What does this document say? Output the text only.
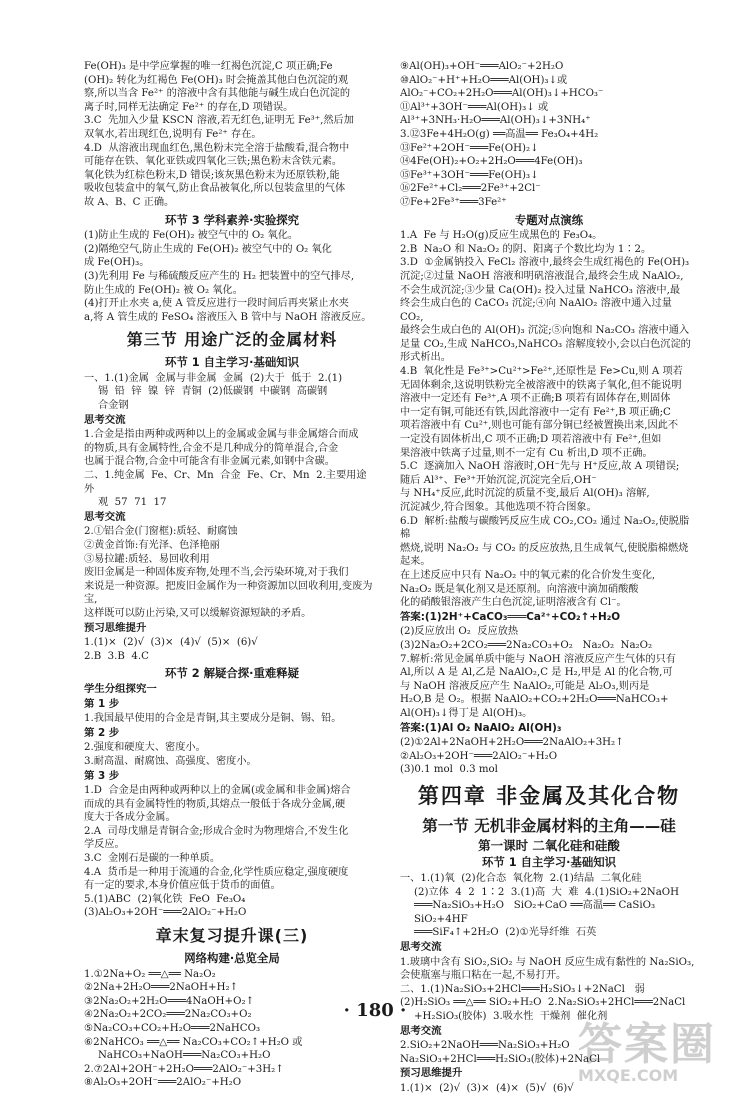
Fe(OH)₃ 是中学应掌握的唯一红褐色沉淀,C 项正确;Fe
(OH)₂ 转化为红褐色 Fe(OH)₃ 时会掩盖其他白色沉淀的观
察,所以当含 Fe²⁺ 的溶液中含有其他能与碱生成白色沉淀的
离子时,同样无法确定 Fe²⁺ 的存在,D 项错误。
3.C  先加入少量 KSCN 溶液,若无红色,证明无 Fe³⁺,然后加
双氧水,若出现红色,说明有 Fe²⁺ 存在。
4.D  从溶液出现血红色,黑色粉末完全溶于盐酸看,混合物中
可能存在铁、氧化亚铁或四氧化三铁;黑色粉末含铁元素。
氧化铁为红棕色粉末,D 错误;该灰黑色粉末为还原铁粉,能
吸收包装盒中的氧气,防止食品被氧化,所以包装盒里的气体
故 A、B、C 正确。
环节 3 学科素养·实验探究
(1)防止生成的 Fe(OH)₂ 被空气中的 O₂ 氧化。
(2)隔绝空气,防止生成的 Fe(OH)₂ 被空气中的 O₂ 氧化
成 Fe(OH)₃。
(3)先利用 Fe 与稀硫酸反应产生的 H₂ 把装置中的空气排尽,
防止生成的 Fe(OH)₂ 被 O₂ 氧化。
(4)打开止水夹 a,使 A 管反应进行一段时间后再夹紧止水夹
a,将 A 管生成的 FeSO₄ 溶液压入 B 管中与 NaOH 溶液反应。
第三节 用途广泛的金属材料
环节 1 自主学习·基础知识
一、1.(1)金属  金属与非金属  金属  (2)大于  低于  2.(1)
锡  铅  锌  镍  锌  青铜  (2)低碳钢  中碳钢  高碳钢
合金钢
思考交流
1.合金是指由两种或两种以上的金属或金属与非金属熔合而成
的物质,具有金属特性,合金不是几种成分的简单混合,合金
也属于混合物,合金中可能含有非金属元素,如钢中含碳。
二、1.纯金属  Fe、Cr、Mn  合金  Fe、Cr、Mn  2.主要用途  外
观  57  71  17
思考交流
2.①铝合金(门窗框):质轻、耐腐蚀
②黄金首饰:有光泽、色泽艳丽
③易拉罐:质轻、易回收利用
废旧金属是一种固体废弃物,处理不当,会污染环境,对于我们
来说是一种资源。把废旧金属作为一种资源加以回收利用,变废为宝,
这样既可以防止污染,又可以缓解资源短缺的矛盾。
预习思维提升
1.(1)×  (2)√  (3)×  (4)√  (5)×  (6)√
2.B  3.B  4.C
环节 2 解疑合探·重难释疑
学生分组探究一
第 1 步
1.我国最早使用的合金是青铜,其主要成分是铜、锡、铅。
第 2 步
2.强度和硬度大、密度小。
3.耐高温、耐腐蚀、高强度、密度小。
第 3 步
1.D  合金是由两种或两种以上的金属(或金属和非金属)熔合
而成的具有金属特性的物质,其熔点一般低于各成分金属,硬
度大于各成分金属。
2.A  司母戊鼎是青铜合金;形成合金时为物理熔合,不发生化
学反应。
3.C  金刚石是碳的一种单质。
4.A  货币是一种用于流通的合金,化学性质应稳定,强度硬度
有一定的要求,本身价值应低于货币的面值。
5.(1)ABC  (2)氧化铁  FeO  Fe₃O₄
(3)Al₂O₃+2OH⁻═══2AlO₂⁻+H₂O
章末复习提升课(三)
网络构建·总览全局
1.①2Na+O₂ ══△══ Na₂O₂
②2Na+2H₂O═══2NaOH+H₂↑
③2Na₂O₂+2H₂O═══4NaOH+O₂↑
④2Na₂O₂+2CO₂═══2Na₂CO₃+O₂
⑤Na₂CO₃+CO₂+H₂O═══2NaHCO₃
⑥2NaHCO₃ ══△══ Na₂CO₃+CO₂↑+H₂O 或
NaHCO₃+NaOH═══Na₂CO₃+H₂O
2.⑦2Al+2OH⁻+2H₂O═══2AlO₂⁻+3H₂↑
⑧Al₂O₃+2OH⁻═══2AlO₂⁻+H₂O
⑨Al(OH)₃+OH⁻═══AlO₂⁻+2H₂O
⑩AlO₂⁻+H⁺+H₂O═══Al(OH)₃↓或
AlO₂⁻+CO₂+2H₂O═══Al(OH)₃↓+HCO₃⁻
⑪Al³⁺+3OH⁻═══Al(OH)₃↓ 或
Al³⁺+3NH₃·H₂O═══Al(OH)₃↓+3NH₄⁺
3.⑫3Fe+4H₂O(g) ══高温══ Fe₃O₄+4H₂
⑬Fe²⁺+2OH⁻═══Fe(OH)₂↓
⑭4Fe(OH)₂+O₂+2H₂O═══4Fe(OH)₃
⑮Fe³⁺+3OH⁻═══Fe(OH)₃↓
⑯2Fe²⁺+Cl₂═══2Fe³⁺+2Cl⁻
⑰Fe+2Fe³⁺═══3Fe²⁺
专题对点演练
1.A  Fe 与 H₂O(g)反应生成黑色的 Fe₃O₄。
2.B  Na₂O 和 Na₂O₂ 的阴、阳离子个数比均为 1∶2。
3.D  ①金属钠投入 FeCl₂ 溶液中,最终会生成红褐色的 Fe(OH)₃
沉淀;②过量 NaOH 溶液和明矾溶液混合,最终会生成 NaAlO₂,
不会生成沉淀;③少量 Ca(OH)₂ 投入过量 NaHCO₃ 溶液中,最
终会生成白色的 CaCO₃ 沉淀;④向 NaAlO₂ 溶液中通入过量 CO₂,
最终会生成白色的 Al(OH)₃ 沉淀;⑤向饱和 Na₂CO₃ 溶液中通入
足量 CO₂,生成 NaHCO₃,NaHCO₃ 溶解度较小,会以白色沉淀的形式析出。
4.B  氧化性是 Fe³⁺>Cu²⁺>Fe²⁺,还原性是 Fe>Cu,则 A 项若
无固体剩余,这说明铁粉完全被溶液中的铁离子氧化,但不能说明
溶液中一定还有 Fe³⁺,A 项不正确;B 项若有固体存在,则固体
中一定有铜,可能还有铁,因此溶液中一定有 Fe²⁺,B 项正确;C
项若溶液中有 Cu²⁺,则也可能有部分铜已经被置换出来,因此不
一定没有固体析出,C 项不正确;D 项若溶液中有 Fe²⁺,但如
果溶液中铁离子过量,则不一定有 Cu 析出,D 项不正确。
5.C  逐滴加入 NaOH 溶液时,OH⁻先与 H⁺反应,故 A 项错误;
随后 Al³⁺、Fe³⁺开始沉淀,沉淀完全后,OH⁻
与 NH₄⁺反应,此时沉淀的质量不变,最后 Al(OH)₃ 溶解,
沉淀减少,符合图象。其他选项不符合图象。
6.D  解析:盐酸与碳酸钙反应生成 CO₂,CO₂ 通过 Na₂O₂,使脱脂棉
燃烧,说明 Na₂O₂ 与 CO₂ 的反应放热,且生成氧气,使脱脂棉燃烧起来。
在上述反应中只有 Na₂O₂ 中的氧元素的化合价发生变化,
Na₂O₂ 既是氧化剂又是还原剂。向溶液中滴加硝酸酸
化的硝酸银溶液产生白色沉淀,证明溶液含有 Cl⁻。
答案:(1)2H⁺+CaCO₃═══Ca²⁺+CO₂↑+H₂O
(2)反应放出 O₂  反应放热
(3)2Na₂O₂+2CO₂═══2Na₂CO₃+O₂   Na₂O₂  Na₂O₂
7.解析:常见金属单质中能与 NaOH 溶液反应产生气体的只有
Al,所以 A 是 Al,乙是 NaAlO₂,C 是 H₂,甲是 Al 的化合物,可
与 NaOH 溶液反应产生 NaAlO₂,可能是 Al₂O₃,则丙是
H₂O,B 是 O₂。根据 NaAlO₂+CO₂+2H₂O═══NaHCO₃+
Al(OH)₃↓得丁是 Al(OH)₃。
答案:(1)Al O₂ NaAlO₂ Al(OH)₃
(2)①2Al+2NaOH+2H₂O═══2NaAlO₂+3H₂↑
②Al₂O₃+2OH⁻═══2AlO₂⁻+H₂O
(3)0.1 mol  0.3 mol
第四章 非金属及其化合物
第一节 无机非金属材料的主角——硅
第一课时 二氧化硅和硅酸
环节 1 自主学习·基础知识
一、1.(1)氧  (2)化合态  氧化物  2.(1)结晶  二氧化硅
(2)立体  4  2  1∶2  3.(1)高  大  难  4.(1)SiO₂+2NaOH
═══Na₂SiO₃+H₂O   SiO₂+CaO ══高温══ CaSiO₃  SiO₂+4HF
═══SiF₄↑+2H₂O  (2)①光导纤维  石英
思考交流
1.玻璃中含有 SiO₂,SiO₂ 与 NaOH 反应生成有黏性的 Na₂SiO₃,
会使瓶塞与瓶口粘在一起,不易打开。
二、1.(1)Na₂SiO₃+2HCl═══H₂SiO₃↓+2NaCl   弱
(2)H₂SiO₃ ══△══ SiO₂+H₂O  2.Na₂SiO₃+2HCl═══2NaCl
+H₂SiO₃(胶体)  3.吸水性  干燥剂  催化剂
思考交流
2.SiO₂+2NaOH═══Na₂SiO₃+H₂O
Na₂SiO₃+2HCl═══H₂SiO₃(胶体)+2NaCl
预习思维提升
1.(1)×  (2)√  (3)×  (4)×  (5)√  (6)√
· 180 ·
答案圈
MXQE.COM
